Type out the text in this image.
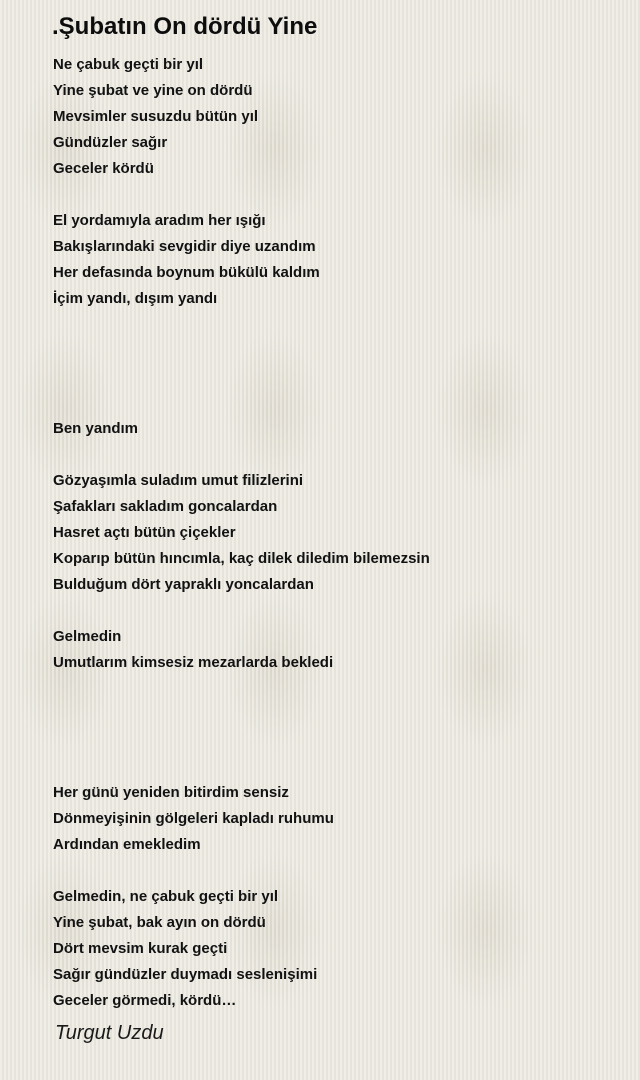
.Şubatın On dördü Yine

Ne çabuk geçti bir yıl
Yine şubat ve yine on dördü
Mevsimler susuzdu bütün yıl
Gündüzler sağır
Geceler kördü

El yordamıyla aradım her ışığı
Bakışlarındaki sevgidir diye uzandım
Her defasında boynum bükülü kaldım
İçim yandı, dışım yandı

Ben yandım

Gözyaşımla suladım umut filizlerini
Şafakları sakladım goncalardan
Hasret açtı bütün çiçekler
Koparıp bütün hıncımla, kaç dilek diledim bilemezsin
Bulduğum dört yapraklı yoncalardan

Gelmedin
Umutlarım kimsesiz mezarlarda bekledi

Her günü yeniden bitirdim sensiz
Dönmeyişinin gölgeleri kapladı ruhumu
Ardından emekledim

Gelmedin, ne çabuk geçti bir yıl
Yine şubat, bak ayın on dördü
Dört mevsim kurak geçti
Sağır gündüzler duymadı seslenişimi
Geceler görmedi, kördü…

Turgut Uzdu
